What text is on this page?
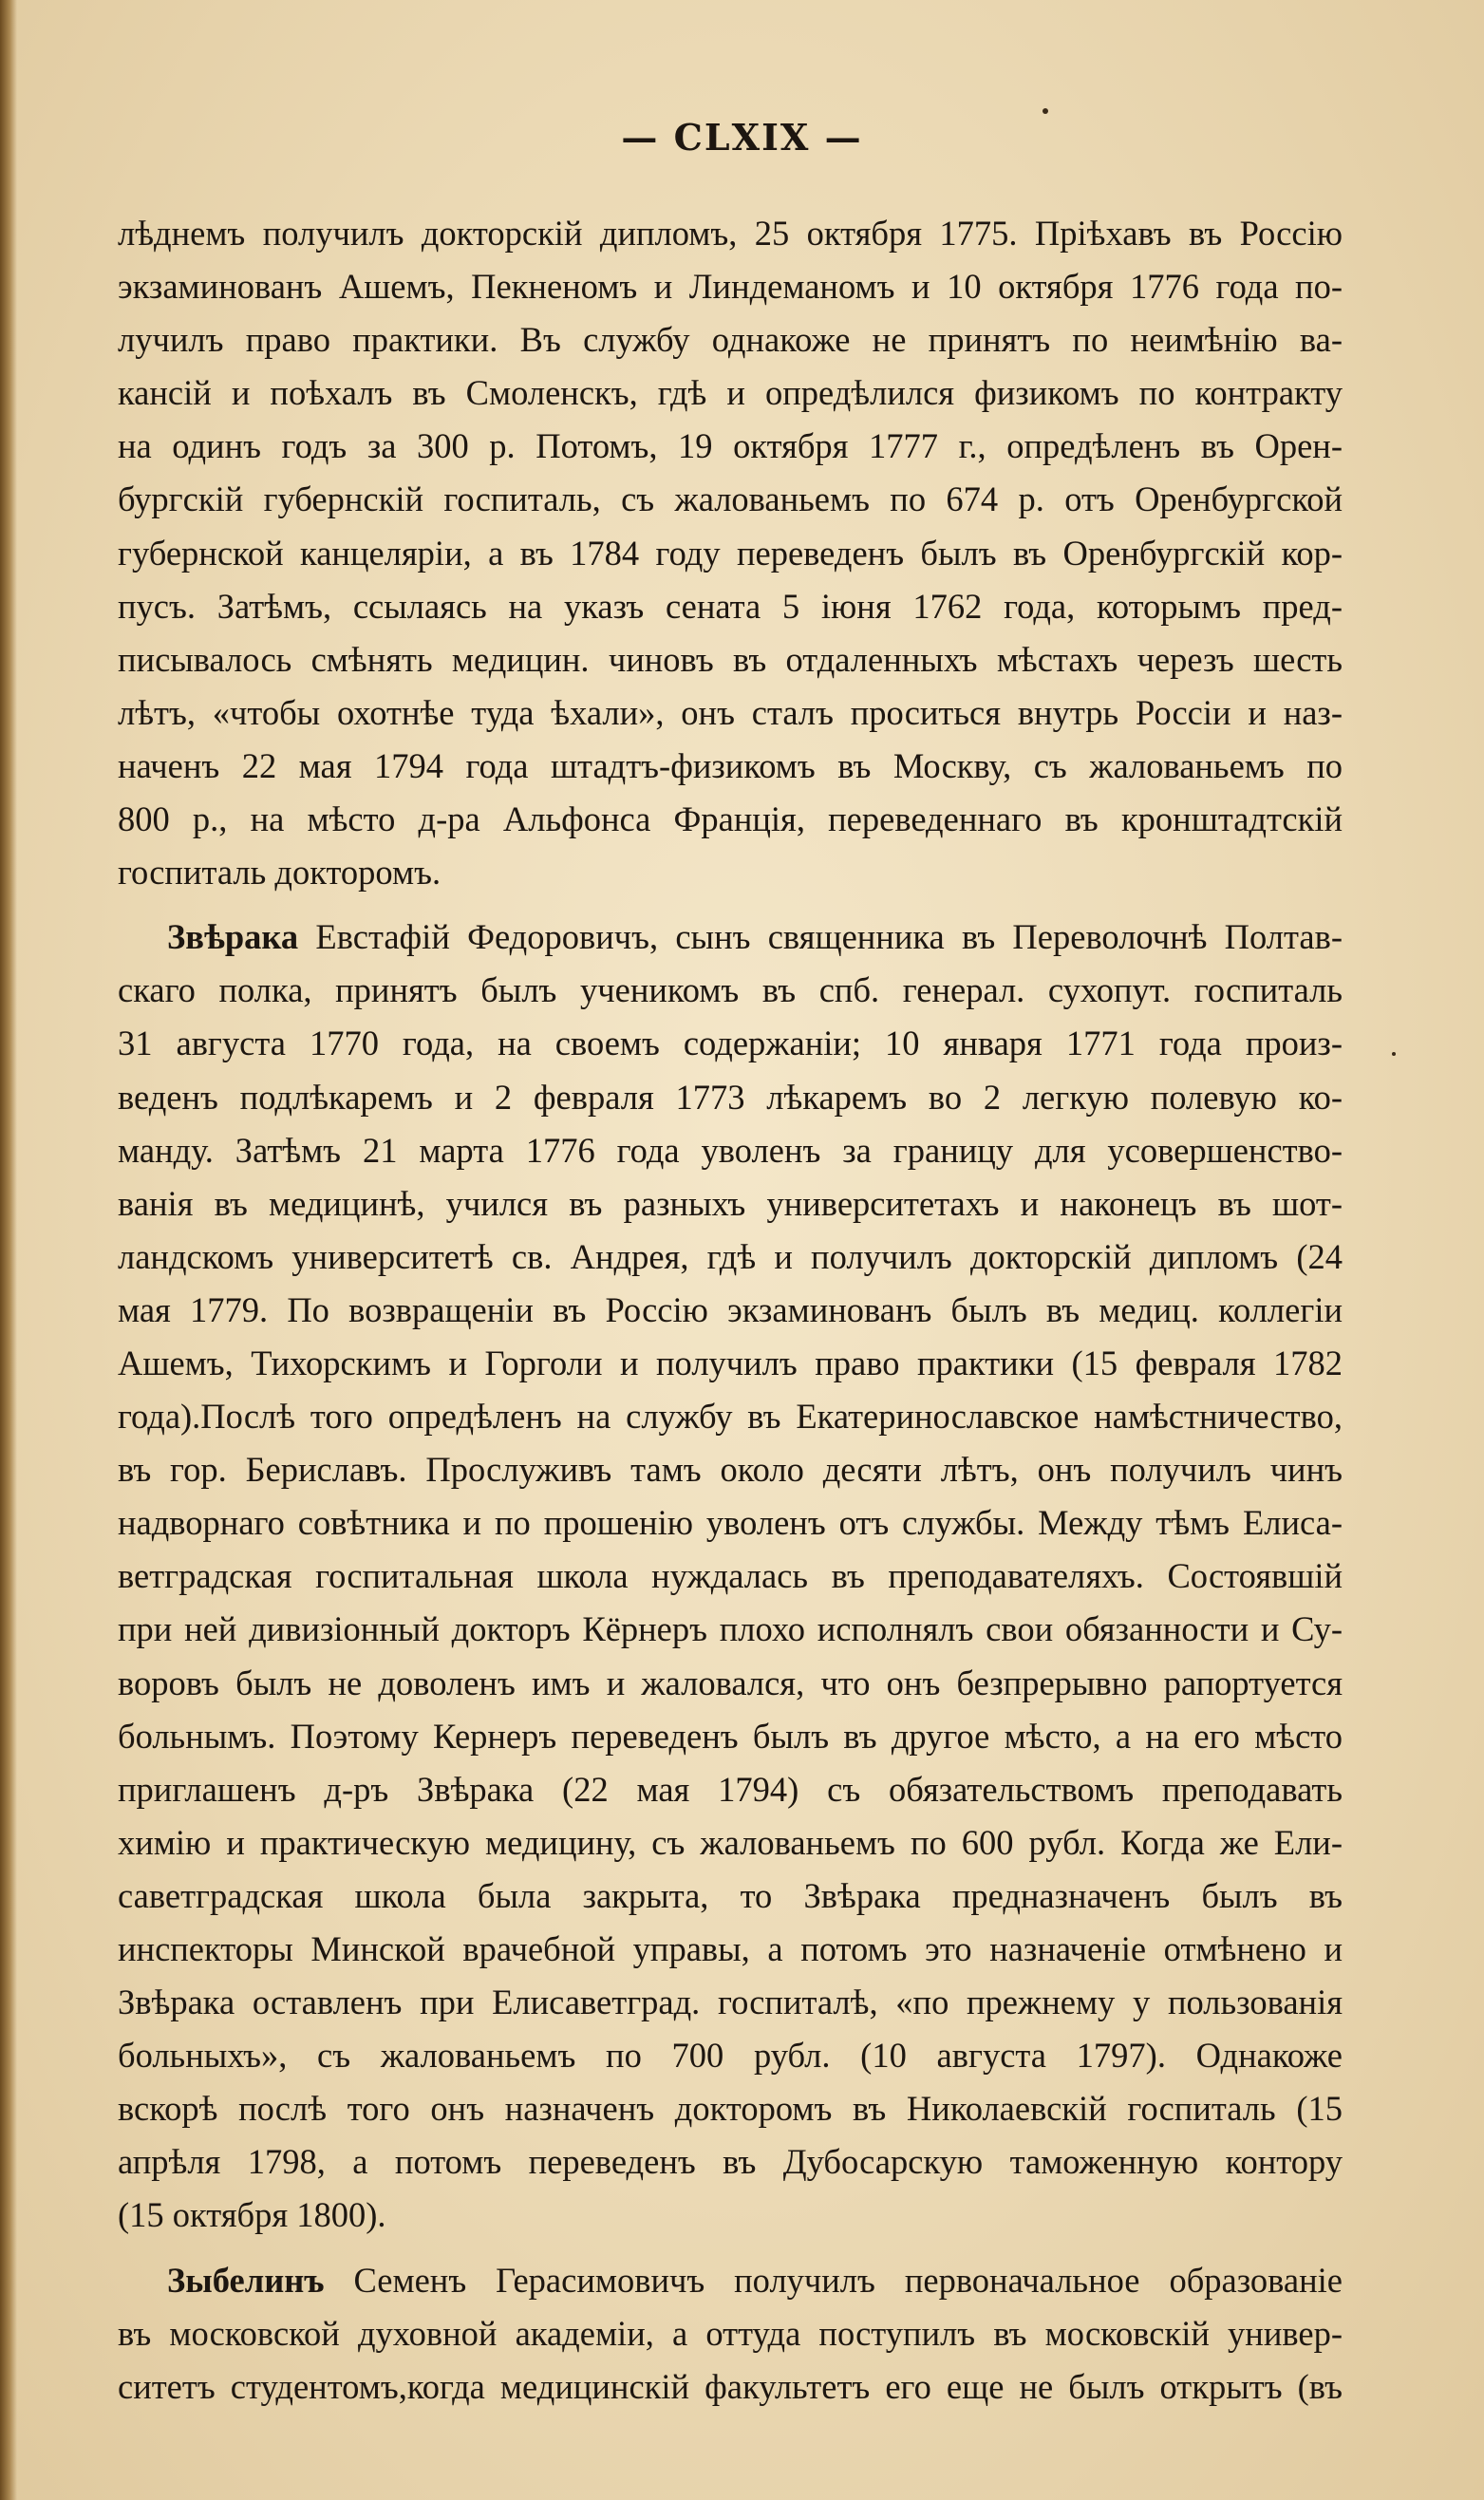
— CLXIX —
лѣднемъ получилъ докторскій дипломъ, 25 октября 1775. Пріѣхавъ въ Россію
экзаминованъ Ашемъ, Пекненомъ и Линдеманомъ и 10 октября 1776 года по-
лучилъ право практики. Въ службу однакоже не принятъ по неимѣнію ва-
кансій и поѣхалъ въ Смоленскъ, гдѣ и опредѣлился физикомъ по контракту
на одинъ годъ за 300 р. Потомъ, 19 октября 1777 г., опредѣленъ въ Орен-
бургскій губернскій госпиталь, съ жалованьемъ по 674 р. отъ Оренбургской
губернской канцеляріи, а въ 1784 году переведенъ былъ въ Оренбургскій кор-
пусъ. Затѣмъ, ссылаясь на указъ сената 5 іюня 1762 года, которымъ пред-
писывалось смѣнять медицин. чиновъ въ отдаленныхъ мѣстахъ черезъ шесть
лѣтъ, «чтобы охотнѣе туда ѣхали», онъ сталъ проситься внутрь Россіи и наз-
наченъ 22 мая 1794 года штадтъ-физикомъ въ Москву, съ жалованьемъ по
800 р., на мѣсто д-ра Альфонса Франція, переведеннаго въ кронштадтскій
госпиталь докторомъ.
Звѣрака Евстафій Федоровичъ, сынъ священника въ Переволочнѣ Полтав-
скаго полка, принятъ былъ ученикомъ въ спб. генерал. сухопут. госпиталь
31 августа 1770 года, на своемъ содержаніи; 10 января 1771 года произ-
веденъ подлѣкаремъ и 2 февраля 1773 лѣкаремъ во 2 легкую полевую ко-
манду. Затѣмъ 21 марта 1776 года уволенъ за границу для усовершенство-
ванія въ медицинѣ, учился въ разныхъ университетахъ и наконецъ въ шот-
ландскомъ университетѣ св. Андрея, гдѣ и получилъ докторскій дипломъ (24
мая 1779. По возвращеніи въ Россію экзаминованъ былъ въ медиц. коллегіи
Ашемъ, Тихорскимъ и Горголи и получилъ право практики (15 февраля 1782
года).Послѣ того опредѣленъ на службу въ Екатеринославское намѣстничество,
въ гор. Бериславъ. Прослуживъ тамъ около десяти лѣтъ, онъ получилъ чинъ
надворнаго совѣтника и по прошенію уволенъ отъ службы. Между тѣмъ Елиса-
ветградская госпитальная школа нуждалась въ преподавателяхъ. Состоявшій
при ней дивизіонный докторъ Кёрнеръ плохо исполнялъ свои обязанности и Су-
воровъ былъ не доволенъ имъ и жаловался, что онъ безпрерывно рапортуется
больнымъ. Поэтому Кернеръ переведенъ былъ въ другое мѣсто, а на его мѣсто
приглашенъ д-ръ Звѣрака (22 мая 1794) съ обязательствомъ преподавать
химію и практическую медицину, съ жалованьемъ по 600 рубл. Когда же Ели-
саветградская школа была закрыта, то Звѣрака предназначенъ былъ въ
инспекторы Минской врачебной управы, а потомъ это назначеніе отмѣнено и
Звѣрака оставленъ при Елисаветград. госпиталѣ, «по прежнему у пользованія
больныхъ», съ жалованьемъ по 700 рубл. (10 августа 1797). Однакоже
вскорѣ послѣ того онъ назначенъ докторомъ въ Николаевскій госпиталь (15
апрѣля 1798, а потомъ переведенъ въ Дубосарскую таможенную контору
(15 октября 1800).
Зыбелинъ Семенъ Герасимовичъ получилъ первоначальное образованіе
въ московской духовной академіи, а оттуда поступилъ въ московскій универ-
ситетъ студентомъ,когда медицинскій факультетъ его еще не былъ открытъ (въ
